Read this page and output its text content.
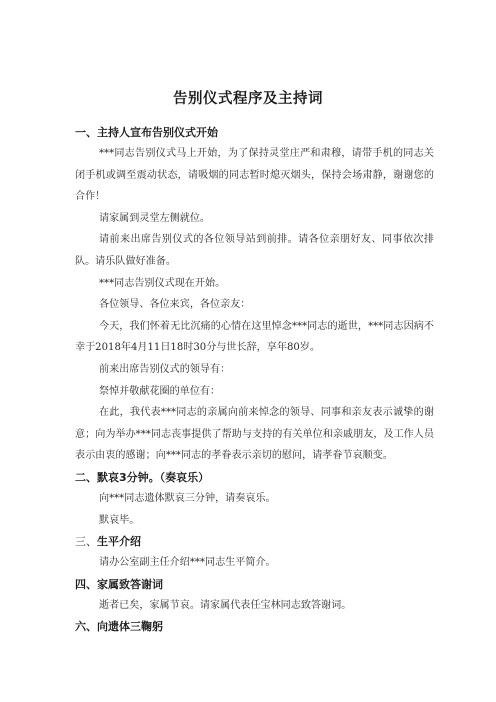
告别仪式程序及主持词
一、主持人宣布告别仪式开始

***同志告别仪式马上开始，为了保持灵堂庄严和肃穆，请带手机的同志关闭手机或调至震动状态，请吸烟的同志暂时熄灭烟头，保持会场肃静，谢谢您的合作！

请家属到灵堂左侧就位。

请前来出席告别仪式的各位领导站到前排。请各位亲朋好友、同事依次排队。请乐队做好准备。

***同志告别仪式现在开始。

各位领导、各位来宾，各位亲友：

今天，我们怀着无比沉痛的心情在这里悼念***同志的逝世，***同志因病不幸于2018年4月11日18时30分与世长辞，享年80岁。

前来出席告别仪式的领导有：

祭悼并敬献花圈的单位有：

在此，我代表***同志的亲属向前来悼念的领导、同事和亲友表示诚挚的谢意；向为举办***同志丧事提供了帮助与支持的有关单位和亲戚朋友，及工作人员表示由衷的感谢；向***同志的孝眷表示亲切的慰问，请孝眷节哀顺变。

二、默哀3分钟。（奏哀乐）

向***同志遗体默哀三分钟，请奏哀乐。

默哀毕。

三、生平介绍

请办公室副主任介绍***同志生平简介。

四、家属致答谢词

逝者已矣，家属节哀。请家属代表任宝林同志致答谢词。

六、向遗体三鞠躬
